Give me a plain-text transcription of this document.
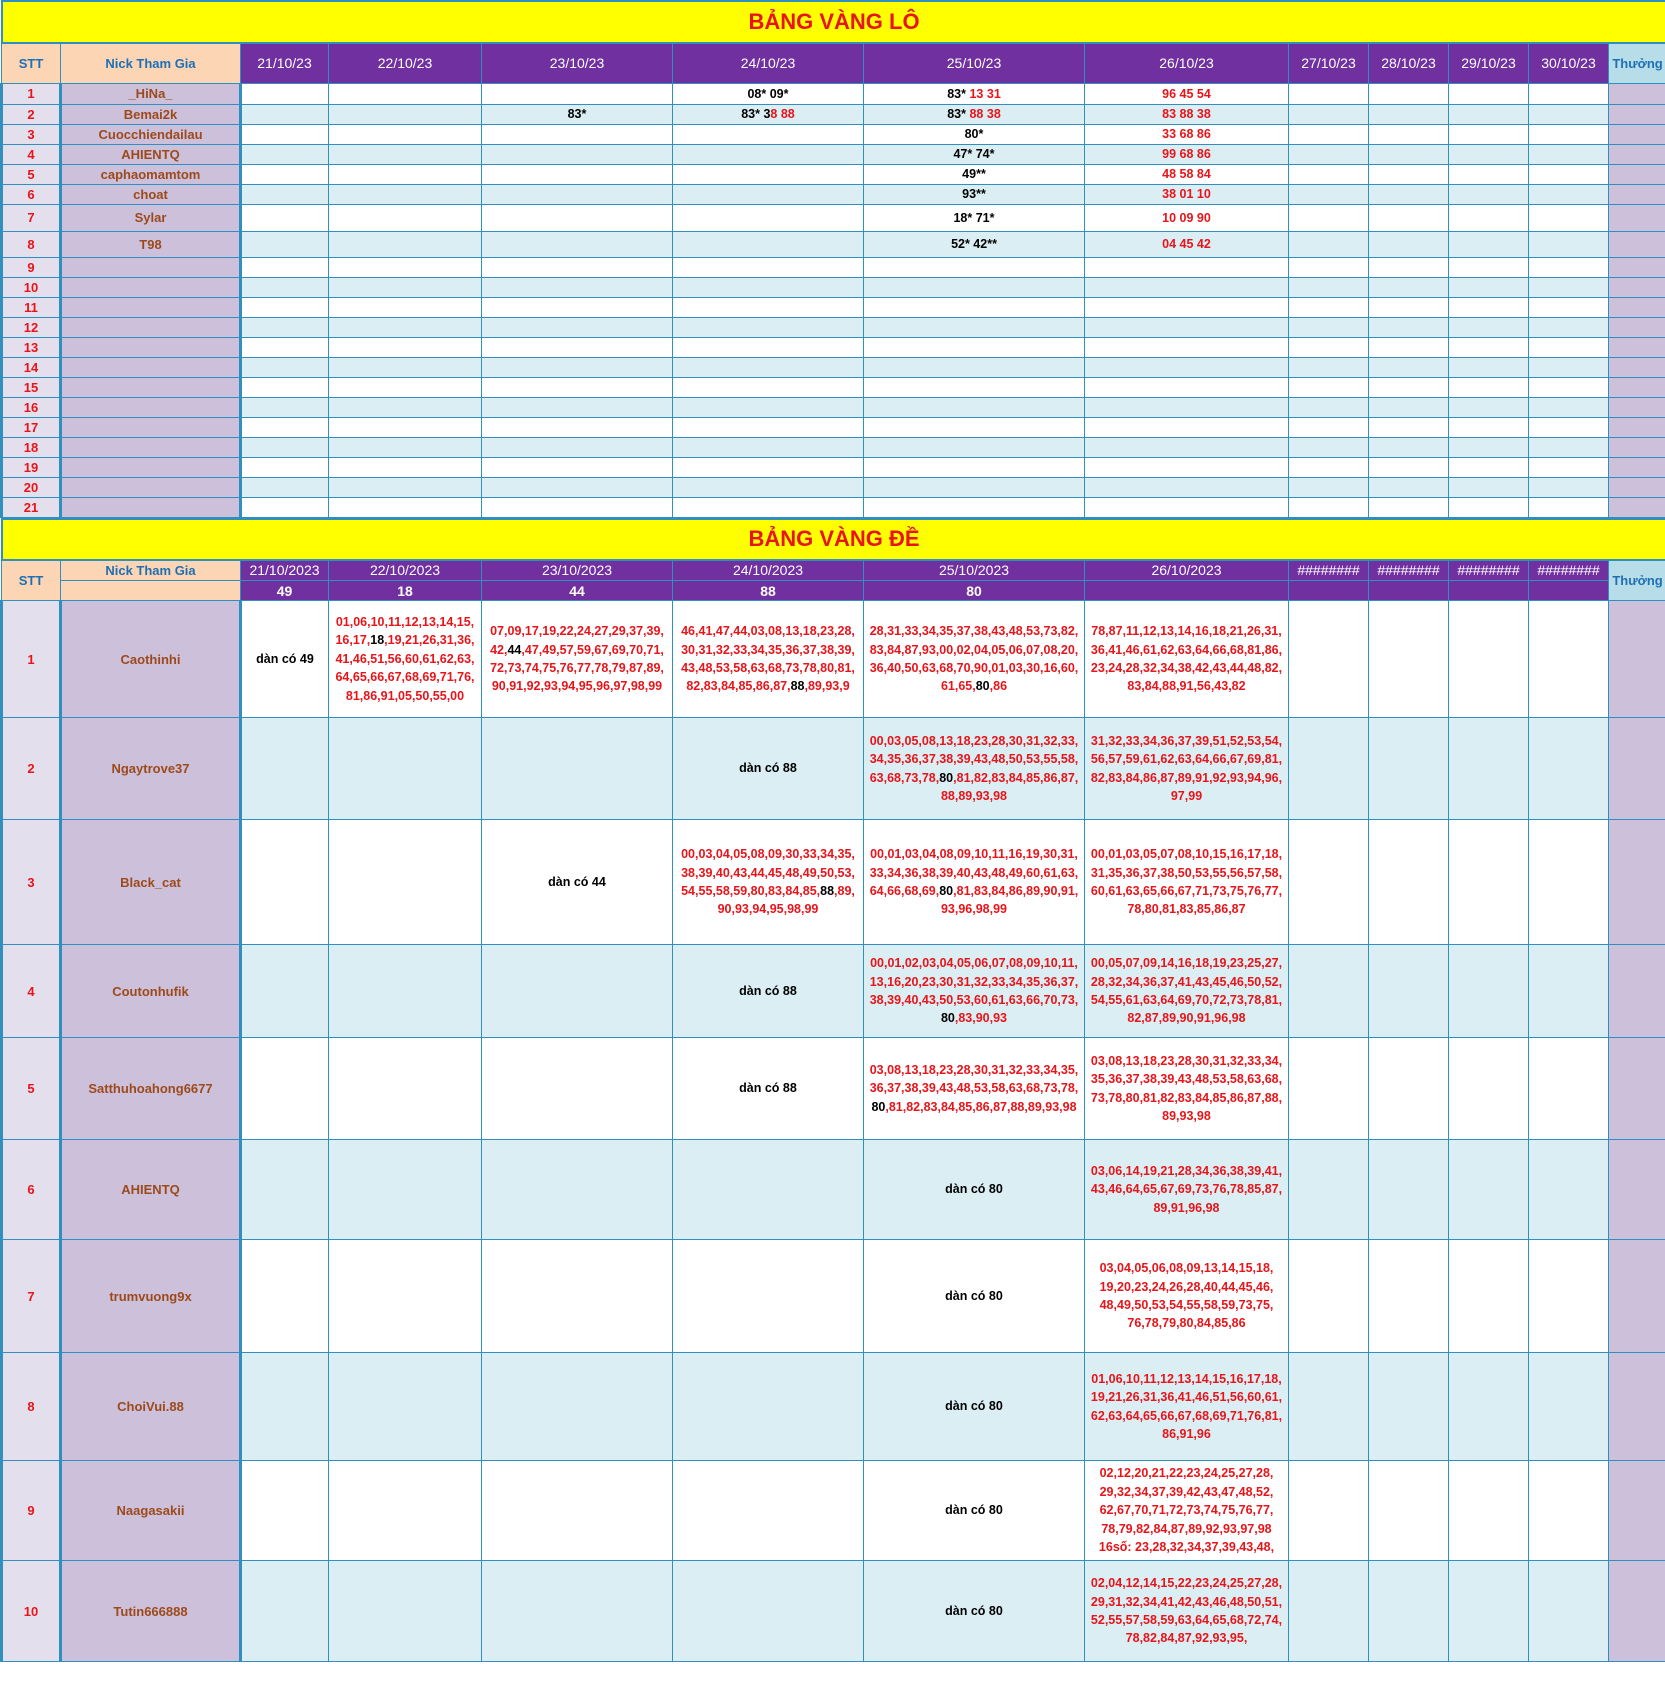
BẢNG VÀNG LÔ												
STT	Nick Tham Gia	21/10/23	22/10/23	23/10/23	24/10/23	25/10/23	26/10/23	27/10/23	28/10/23	29/10/23	30/10/23	Thưởng
1	_HiNa_				08* 09*	83* 13 31	96 45 54					
2	Bemai2k			83*	83* 38 88	83* 88 38	83 88 38					
3	Cuocchiendailau					80*	33 68 86					
4	AHIENTQ					47* 74*	99 68 86					
5	caphaomamtom					49**	48 58 84					
6	choat					93**	38 01 10					
7	Sylar					18* 71*	10 09 90					
8	T98					52* 42**	04 45 42					
9												
10												
11												
12												
13												
14												
15												
16												
17												
18												
19												
20												
21												
BẢNG VÀNG ĐỀ												
STT	Nick Tham Gia	21/10/2023	22/10/2023	23/10/2023	24/10/2023	25/10/2023	26/10/2023	########	########	########	########	Thưởng
		49	18	44	88	80						
1	Caothinhi	dàn có 49	01,06,10,11,12,13,14,15,
16,17,18,19,21,26,31,36,
41,46,51,56,60,61,62,63,
64,65,66,67,68,69,71,76,
81,86,91,05,50,55,00	07,09,17,19,22,24,27,29,37,39,
42,44,47,49,57,59,67,69,70,71,
72,73,74,75,76,77,78,79,87,89,
90,91,92,93,94,95,96,97,98,99	46,41,47,44,03,08,13,18,23,28,
30,31,32,33,34,35,36,37,38,39,
43,48,53,58,63,68,73,78,80,81,
82,83,84,85,86,87,88,89,93,9	28,31,33,34,35,37,38,43,48,53,73,82,
83,84,87,93,00,02,04,05,06,07,08,20,
36,40,50,63,68,70,90,01,03,30,16,60,
61,65,80,86	78,87,11,12,13,14,16,18,21,26,31,
36,41,46,61,62,63,64,66,68,81,86,
23,24,28,32,34,38,42,43,44,48,82,
83,84,88,91,56,43,82					
2	Ngaytrove37				dàn có 88	00,03,05,08,13,18,23,28,30,31,32,33,
34,35,36,37,38,39,43,48,50,53,55,58,
63,68,73,78,80,81,82,83,84,85,86,87,
88,89,93,98	31,32,33,34,36,37,39,51,52,53,54,
56,57,59,61,62,63,64,66,67,69,81,
82,83,84,86,87,89,91,92,93,94,96,
97,99					
3	Black_cat			dàn có 44	00,03,04,05,08,09,30,33,34,35,
38,39,40,43,44,45,48,49,50,53,
54,55,58,59,80,83,84,85,88,89,
90,93,94,95,98,99	00,01,03,04,08,09,10,11,16,19,30,31,
33,34,36,38,39,40,43,48,49,60,61,63,
64,66,68,69,80,81,83,84,86,89,90,91,
93,96,98,99	00,01,03,05,07,08,10,15,16,17,18,
31,35,36,37,38,50,53,55,56,57,58,
60,61,63,65,66,67,71,73,75,76,77,
78,80,81,83,85,86,87					
4	Coutonhufik				dàn có 88	00,01,02,03,04,05,06,07,08,09,10,11,
13,16,20,23,30,31,32,33,34,35,36,37,
38,39,40,43,50,53,60,61,63,66,70,73,
80,83,90,93	00,05,07,09,14,16,18,19,23,25,27,
28,32,34,36,37,41,43,45,46,50,52,
54,55,61,63,64,69,70,72,73,78,81,
82,87,89,90,91,96,98					
5	Satthuhoahong6677				dàn có 88	03,08,13,18,23,28,30,31,32,33,34,35,
36,37,38,39,43,48,53,58,63,68,73,78,
80,81,82,83,84,85,86,87,88,89,93,98	03,08,13,18,23,28,30,31,32,33,34,
35,36,37,38,39,43,48,53,58,63,68,
73,78,80,81,82,83,84,85,86,87,88,
89,93,98					
6	AHIENTQ					dàn có 80	03,06,14,19,21,28,34,36,38,39,41,
43,46,64,65,67,69,73,76,78,85,87,
89,91,96,98					
7	trumvuong9x					dàn có 80	03,04,05,06,08,09,13,14,15,18,
19,20,23,24,26,28,40,44,45,46,
48,49,50,53,54,55,58,59,73,75,
76,78,79,80,84,85,86					
8	ChoiVui.88					dàn có 80	01,06,10,11,12,13,14,15,16,17,18,
19,21,26,31,36,41,46,51,56,60,61,
62,63,64,65,66,67,68,69,71,76,81,
86,91,96					
9	Naagasakii					dàn có 80	02,12,20,21,22,23,24,25,27,28,
29,32,34,37,39,42,43,47,48,52,
62,67,70,71,72,73,74,75,76,77,
78,79,82,84,87,89,92,93,97,98
16số: 23,28,32,34,37,39,43,48,					
10	Tutin666888					dàn có 80	02,04,12,14,15,22,23,24,25,27,28,
29,31,32,34,41,42,43,46,48,50,51,
52,55,57,58,59,63,64,65,68,72,74,
78,82,84,87,92,93,95,					
